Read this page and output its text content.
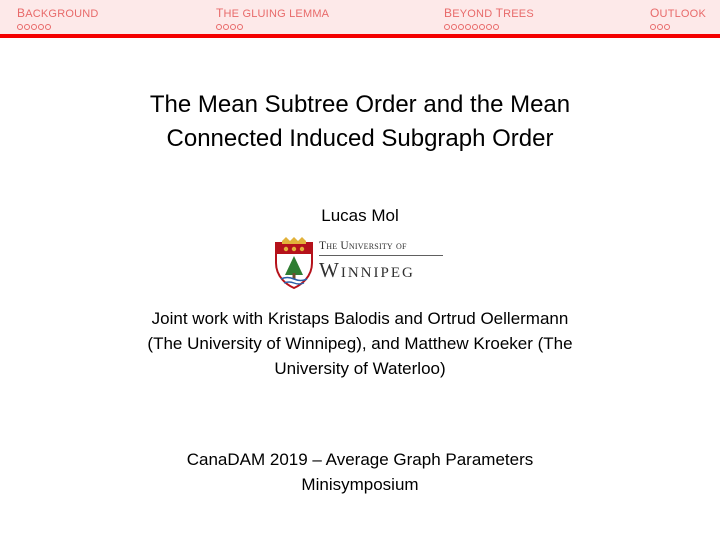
BACKGROUND	THE GLUING LEMMA	BEYOND TREES	OUTLOOK
The Mean Subtree Order and the Mean
Connected Induced Subgraph Order
Lucas Mol
The University of
Winnipeg
Joint work with Kristaps Balodis and Ortrud Oellermann
(The University of Winnipeg), and Matthew Kroeker (The
University of Waterloo)
CanaDAM 2019 – Average Graph Parameters
Minisymposium
